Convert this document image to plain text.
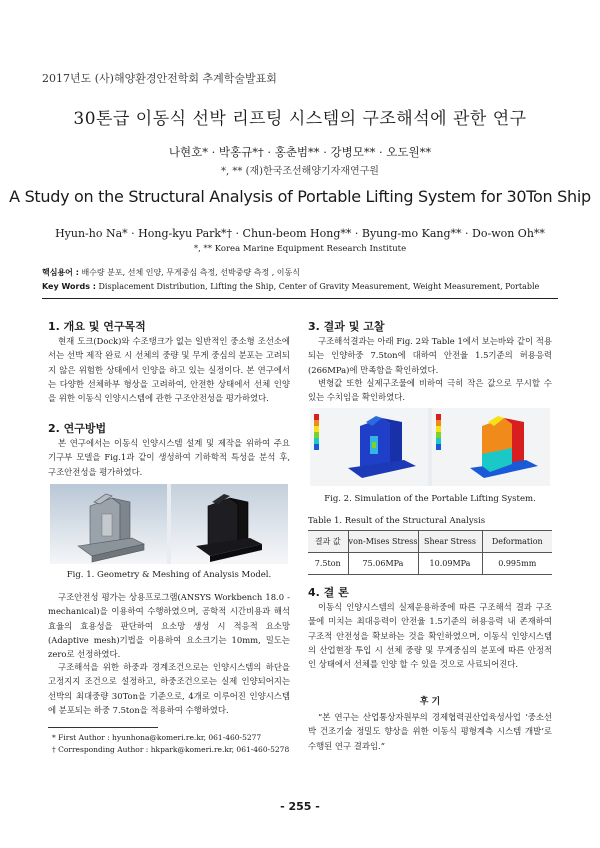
2017년도 (사)해양환경안전학회 추계학술발표회
30톤급 이동식 선박 리프팅 시스템의 구조해석에 관한 연구
나현호* · 박홍규*† · 홍춘범** · 강병모** · 오도원**
*, ** (재)한국조선해양기자재연구원
A Study on the Structural Analysis of Portable Lifting System for 30Ton Ship
Hyun-ho Na* · Hong-kyu Park*† · Chun-beom Hong** · Byung-mo Kang** · Do-won Oh**
*, ** Korea Marine Equipment Research Institute
핵심용어 : 배수량 분포, 선체 인양, 무게중심 측정, 선박중량 측정 , 이동식
Key Words : Displacement Distribution, Lifting the Ship, Center of Gravity Measurement, Weight Measurement, Portable
1. 개요 및 연구목적
현재 도크(Dock)와 수조탱크가 없는 일반적인 중소형 조선소에서는 선박 제작 완료 시 선체의 중량 및 무게 중심의 분포는 고려되지 않은 위험한 상태에서 인양을 하고 있는 실정이다. 본 연구에서는 다양한 선체하부 형상을 고려하여, 안전한 상태에서 선체 인양을 위한 이동식 인양시스템에 관한 구조안전성을 평가하였다.
2. 연구방법
본 연구에서는 이동식 인양시스템 설계 및 제작을 위하여 주요 기구부 모델을 Fig.1과 같이 생성하여 기하학적 특성을 분석 후, 구조안전성을 평가하였다.
Fig. 1. Geometry & Meshing of Analysis Model.
구조안전성 평가는 상용프로그램(ANSYS Workbench 18.0 - mechanical)을 이용하여 수행하였으며, 공학적 시간비용과 해석효율의 효용성을 판단하여 요소망 생성 시 적응적 요소망(Adaptive mesh)기법을 이용하여 요소크기는 10mm, 밀도는 zero로 선정하였다.
구조해석을 위한 하중과 경계조건으로는 인양시스템의 하단을 고정지지 조건으로 설정하고, 하중조건으로는 실제 인양되어지는 선박의 최대중량 30Ton을 기준으로, 4개로 이루어진 인양시스템에 분포되는 하중 7.5ton을 적용하여 수행하였다.
* First Author : hyunhona@komeri.re.kr, 061-460-5277
† Corresponding Author : hkpark@komeri.re.kr, 061-460-5278
3. 결과 및 고찰
구조해석결과는 아래 Fig. 2와 Table 1에서 보는바와 같이 적용되는 인양하중 7.5ton에 대하여 안전율 1.5기준의 허용응력(266MPa)에 만족함을 확인하였다.
변형값 또한 실제구조물에 비하여 극히 작은 값으로 무시할 수 있는 수치임을 확인하였다.
Fig. 2. Simulation of the Portable Lifting System.
Table 1. Result of the Structural Analysis
결과 값	von-Mises Stress	Shear Stress	Deformation
7.5ton	75.06MPa	10.09MPa	0.995mm
4. 결 론
이동식 인양시스템의 실제운용하중에 따른 구조해석 결과 구조물에 미치는 최대응력이 안전율 1.5기준의 허용응력 내 존재하여 구조적 안전성을 확보하는 것을 확인하였으며, 이동식 인양시스템의 산업현장 투입 시 선체 중량 및 무게중심의 분포에 따른 안정적인 상태에서 선체를 인양 할 수 있을 것으로 사료되어진다.
후 기
“본 연구는 산업통상자원부의 경제협력권산업육성사업 ‘중소선박 건조기술 정밀도 향상을 위한 이동식 평형계측 시스템 개발’로 수행된 연구 결과임.”
- 255 -
